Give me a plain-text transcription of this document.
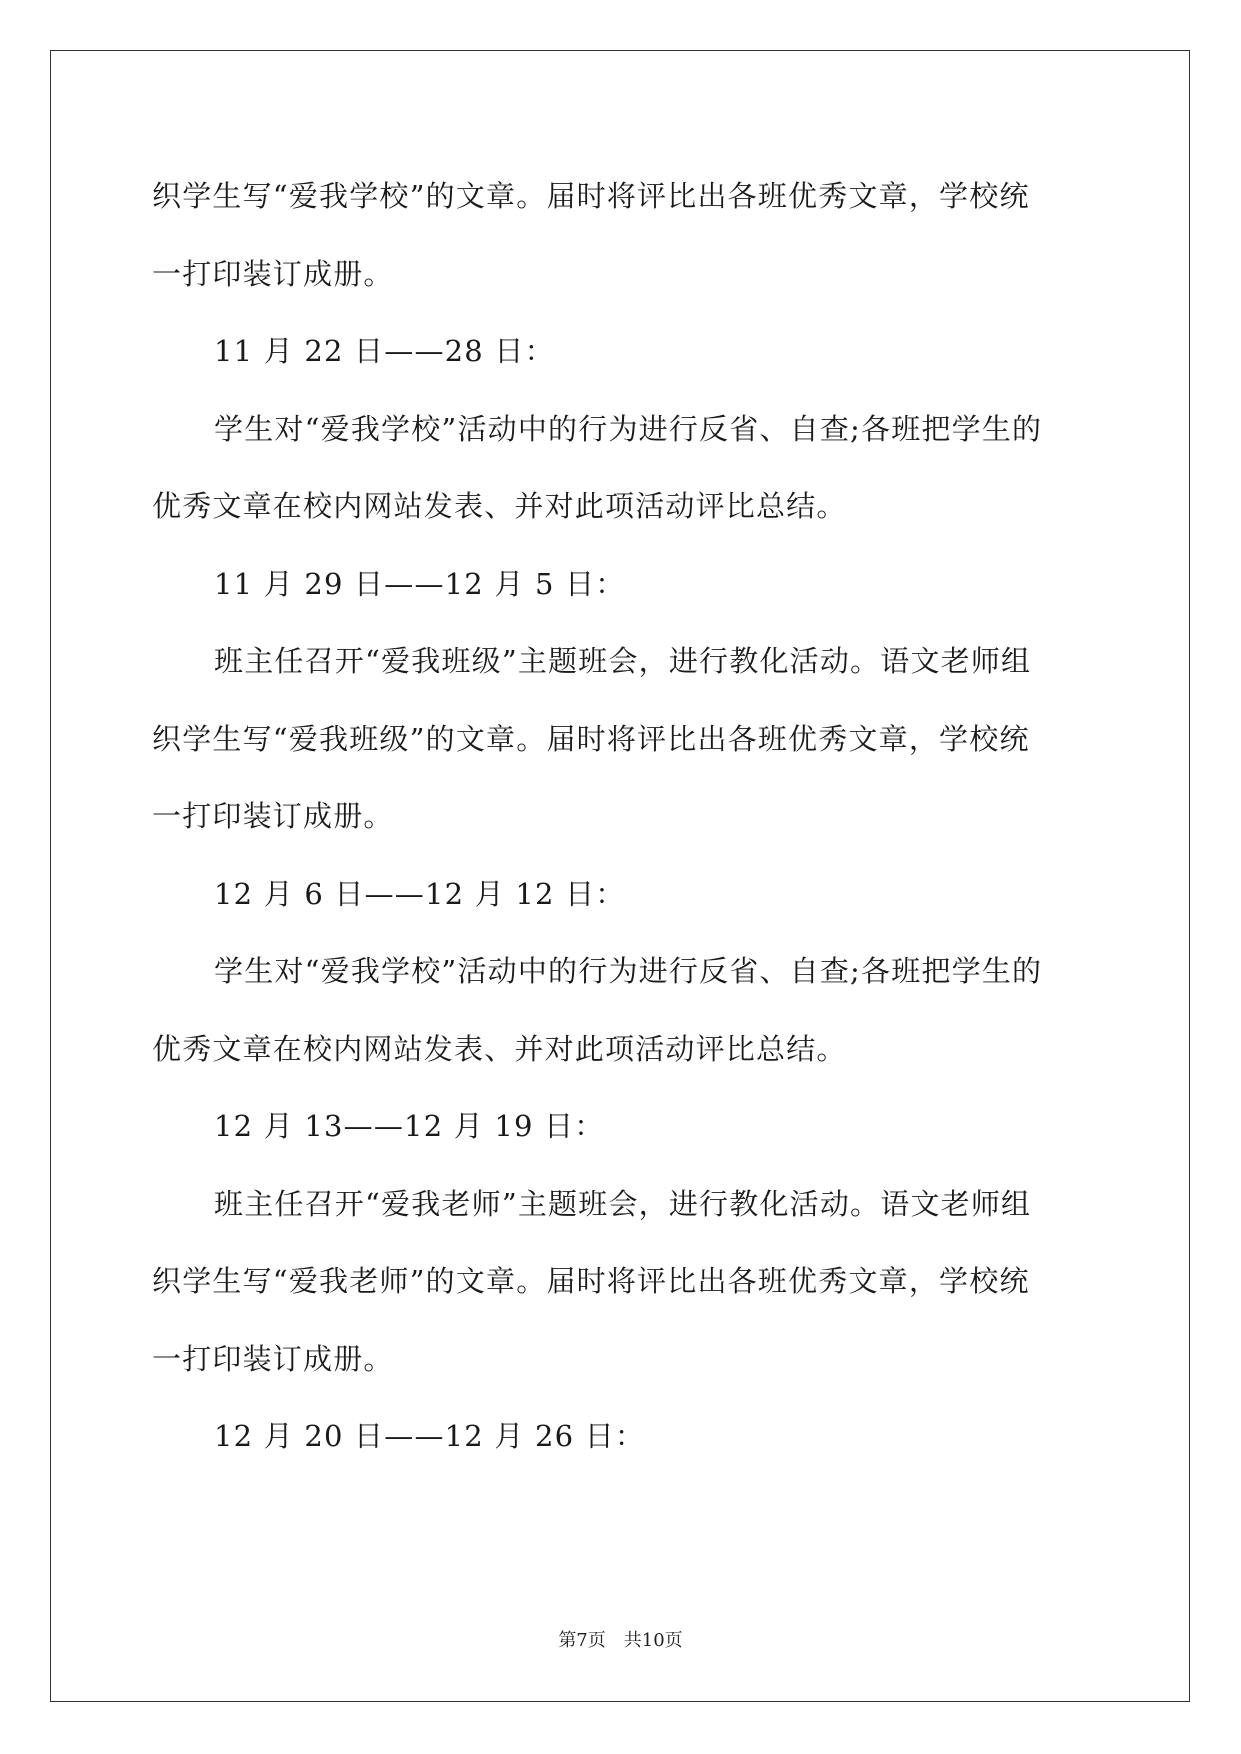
织学生写“爱我学校”的文章。届时将评比出各班优秀文章，学校统
一打印装订成册。
11 月 22 日——28 日：
学生对“爱我学校”活动中的行为进行反省、自查;各班把学生的
优秀文章在校内网站发表、并对此项活动评比总结。
11 月 29 日——12 月 5 日：
班主任召开“爱我班级”主题班会，进行教化活动。语文老师组
织学生写“爱我班级”的文章。届时将评比出各班优秀文章，学校统
一打印装订成册。
12 月 6 日——12 月 12 日：
学生对“爱我学校”活动中的行为进行反省、自查;各班把学生的
优秀文章在校内网站发表、并对此项活动评比总结。
12 月 13——12 月 19 日：
班主任召开“爱我老师”主题班会，进行教化活动。语文老师组
织学生写“爱我老师”的文章。届时将评比出各班优秀文章，学校统
一打印装订成册。
12 月 20 日——12 月 26 日：
第7页 共10页
